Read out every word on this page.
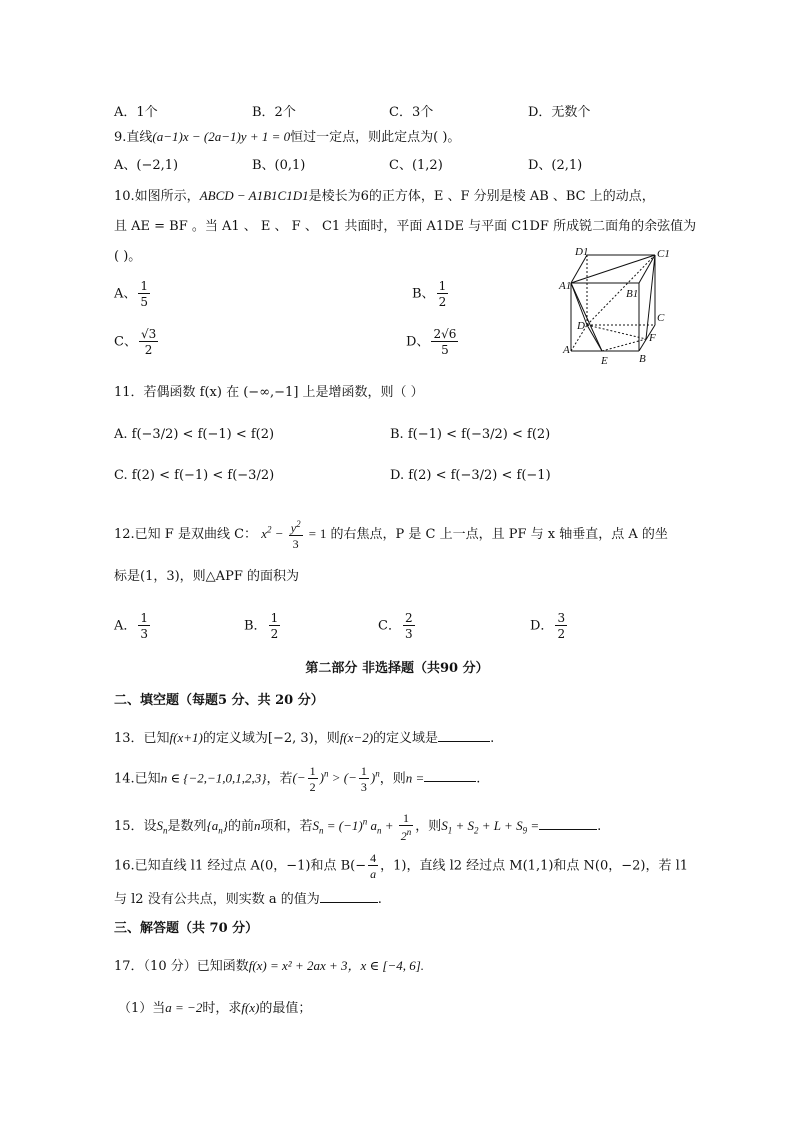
A．1个	B．2个	C．3个	D．无数个
9.直线(a−1)x − (2a−1)y + 1 = 0恒过一定点，则此定点为( )。
A、(−2,1)	B、(0,1)	C、(1,2)	D、(2,1)
10.如图所示，ABCD − A1B1C1D1是棱长为6的正方体，E 、F 分别是棱 AB 、BC 上的动点，
且 AE = BF 。当 A1 、 E 、 F 、 C1 共面时，平面 A1DE 与平面 C1DF 所成锐二面角的余弦值为
( )。
A、 $\frac{1}{5}$	B、 $\frac{1}{2}$
C、 $\frac{√3}{2}$	D、 $\frac{2√6}{5}$
D1	C1
A1
B1
D
C
F
A
E	B
11．若偶函数 f(x) 在 (−∞,−1] 上是增函数，则（ ）
A. f(−3/2) < f(−1) < f(2)	B. f(−1) < f(−3/2) < f(2)
C. f(2) < f(−1) < f(−3/2)	D. f(2) < f(−3/2) < f(−1)
12.已知 F 是双曲线 C： $x^2 - \frac{y^2}{3} = 1$ 的右焦点，P 是 C 上一点，且 PF 与 x 轴垂直，点 A 的坐
标是(1，3)，则△APF 的面积为
A． $\frac{1}{3}$	B． $\frac{1}{2}$	C． $\frac{2}{3}$	D． $\frac{3}{2}$
第二部分 非选择题（共90 分）
二、填空题（每题5 分、共 20 分）
13．已知f(x+1)的定义域为[−2, 3)，则f(x−2)的定义域是	.
14.已知n ∈ {−2,−1,0,1,2,3}，若(− $\frac{1}{2} )^n$ > (− $\frac{1}{3} )^n$，则n =	.
15．设$S_n$是数列$\{a_n\}$的前n项和，若$S_n = (-1)^n$ $a_n + \frac{1}{2^n}$ ，则$S_1 + S_2 + L + S_9$ =	.
16.已知直线 l1 经过点 A(0，−1)和点 $B(- \frac{4}{a}$ ，1)，直线 l2 经过点 M(1,1)和点 N(0，−2)，若 l1
与 l2 没有公共点，则实数 a 的值为	.
三、解答题（共 70 分）
17．（10 分）已知函数f(x) = x² + 2ax + 3，x ∈ [−4, 6].
（1）当a = −2时，求f(x)的最值；
